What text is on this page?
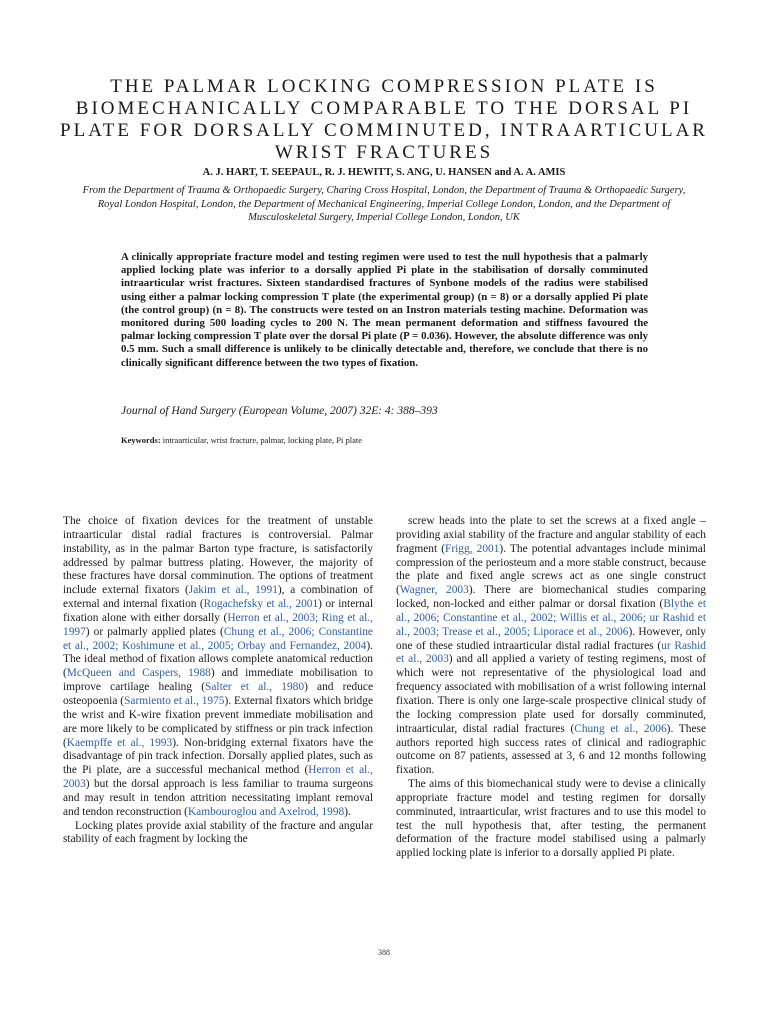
THE PALMAR LOCKING COMPRESSION PLATE IS BIOMECHANICALLY COMPARABLE TO THE DORSAL PI PLATE FOR DORSALLY COMMINUTED, INTRAARTICULAR WRIST FRACTURES
A. J. HART, T. SEEPAUL, R. J. HEWITT, S. ANG, U. HANSEN and A. A. AMIS
From the Department of Trauma & Orthopaedic Surgery, Charing Cross Hospital, London, the Department of Trauma & Orthopaedic Surgery, Royal London Hospital, London, the Department of Mechanical Engineering, Imperial College London, London, and the Department of Musculoskeletal Surgery, Imperial College London, London, UK

A clinically appropriate fracture model and testing regimen were used to test the null hypothesis that a palmarly applied locking plate was inferior to a dorsally applied Pi plate in the stabilisation of dorsally comminuted intraarticular wrist fractures. Sixteen standardised fractures of Synbone models of the radius were stabilised using either a palmar locking compression T plate (the experimental group) (n = 8) or a dorsally applied Pi plate (the control group) (n = 8). The constructs were tested on an Instron materials testing machine. Deformation was monitored during 500 loading cycles to 200 N. The mean permanent deformation and stiffness favoured the palmar locking compression T plate over the dorsal Pi plate (P = 0.036). However, the absolute difference was only 0.5 mm. Such a small difference is unlikely to be clinically detectable and, therefore, we conclude that there is no clinically significant difference between the two types of fixation.

Journal of Hand Surgery (European Volume, 2007) 32E: 4: 388–393
Keywords: intraarticular, wrist fracture, palmar, locking plate, Pi plate

The choice of fixation devices for the treatment of unstable intraarticular distal radial fractures is controversial. Palmar instability, as in the palmar Barton type fracture, is satisfactorily addressed by palmar buttress plating. However, the majority of these fractures have dorsal comminution. The options of treatment include external fixators (Jakim et al., 1991), a combination of external and internal fixation (Rogachefsky et al., 2001) or internal fixation alone with either dorsally (Herron et al., 2003; Ring et al., 1997) or palmarly applied plates (Chung et al., 2006; Constantine et al., 2002; Koshimune et al., 2005; Orbay and Fernandez, 2004). The ideal method of fixation allows complete anatomical reduction (McQueen and Caspers, 1988) and immediate mobilisation to improve cartilage healing (Salter et al., 1980) and reduce osteopoenia (Sarmiento et al., 1975). External fixators which bridge the wrist and K-wire fixation prevent immediate mobilisation and are more likely to be complicated by stiffness or pin track infection (Kaempffe et al., 1993). Non-bridging external fixators have the disadvantage of pin track infection. Dorsally applied plates, such as the Pi plate, are a successful mechanical method (Herron et al., 2003) but the dorsal approach is less familiar to trauma surgeons and may result in tendon attrition necessitating implant removal and tendon reconstruction (Kambouroglou and Axelrod, 1998).

Locking plates provide axial stability of the fracture and angular stability of each fragment by locking the

screw heads into the plate to set the screws at a fixed angle – providing axial stability of the fracture and angular stability of each fragment (Frigg, 2001). The potential advantages include minimal compression of the periosteum and a more stable construct, because the plate and fixed angle screws act as one single construct (Wagner, 2003). There are biomechanical studies comparing locked, non-locked and either palmar or dorsal fixation (Blythe et al., 2006; Constantine et al., 2002; Willis et al., 2006; ur Rashid et al., 2003; Trease et al., 2005; Liporace et al., 2006). However, only one of these studied intraarticular distal radial fractures (ur Rashid et al., 2003) and all applied a variety of testing regimens, most of which were not representative of the physiological load and frequency associated with mobilisation of a wrist following internal fixation. There is only one large-scale prospective clinical study of the locking compression plate used for dorsally comminuted, intraarticular, distal radial fractures (Chung et al., 2006). These authors reported high success rates of clinical and radiographic outcome on 87 patients, assessed at 3, 6 and 12 months following fixation.

The aims of this biomechanical study were to devise a clinically appropriate fracture model and testing regimen for dorsally comminuted, intraarticular, wrist fractures and to use this model to test the null hypothesis that, after testing, the permanent deformation of the fracture model stabilised using a palmarly applied locking plate is inferior to a dorsally applied Pi plate.

388
